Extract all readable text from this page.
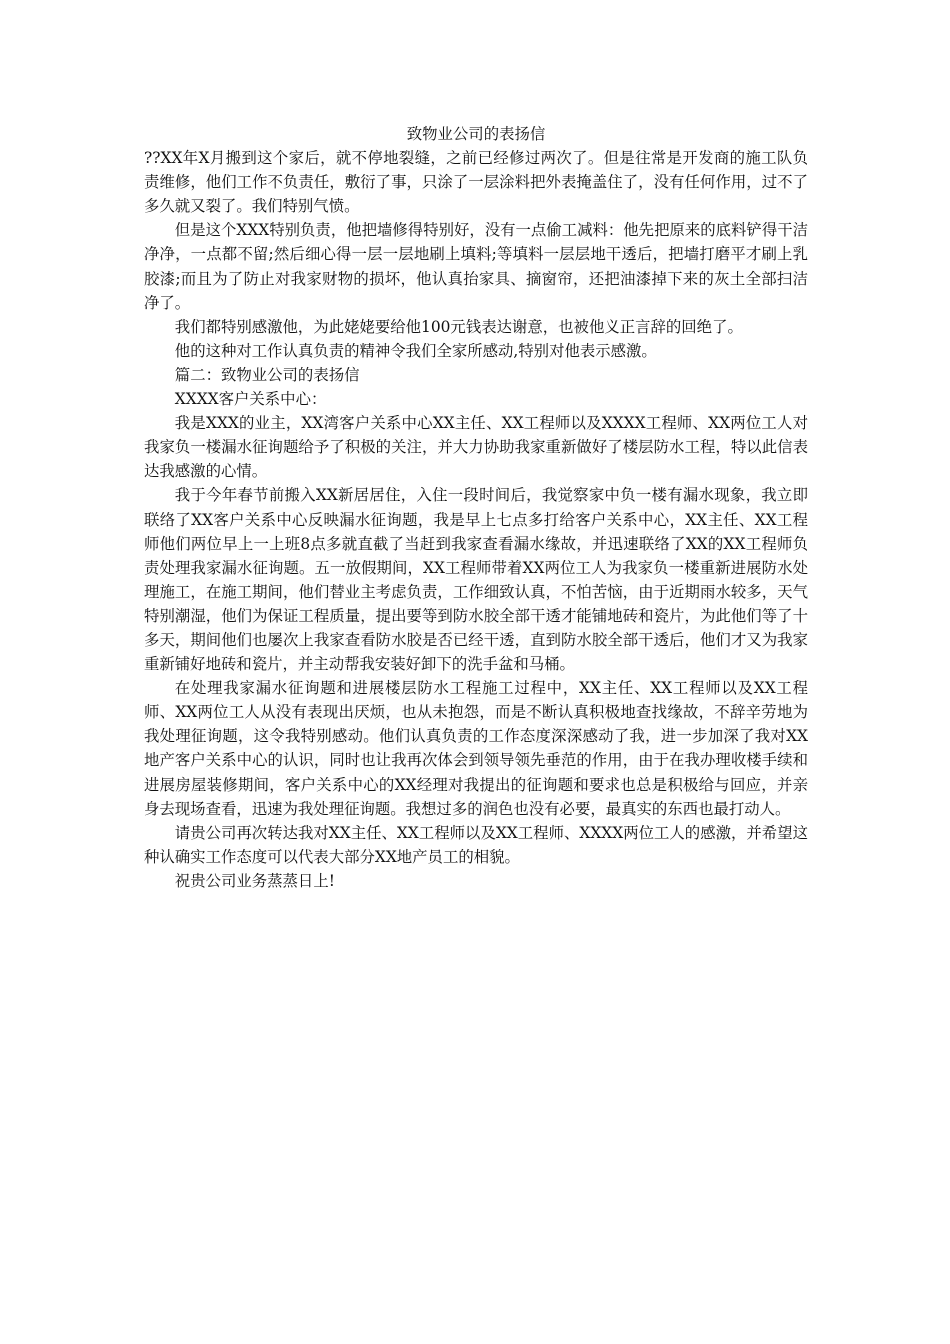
致物业公司的表扬信

??XX年X月搬到这个家后，就不停地裂缝，之前已经修过两次了。但是往常是开发商的施工队负责维修，他们工作不负责任，敷衍了事，只涂了一层涂料把外表掩盖住了，没有任何作用，过不了多久就又裂了。我们特别气愤。

但是这个XXX特别负责，他把墙修得特别好，没有一点偷工减料：他先把原来的底料铲得干洁净净，一点都不留;然后细心得一层一层地刷上填料;等填料一层层地干透后，把墙打磨平才刷上乳胶漆;而且为了防止对我家财物的损坏，他认真抬家具、摘窗帘，还把油漆掉下来的灰土全部扫洁净了。

我们都特别感激他，为此姥姥要给他100元钱表达谢意，也被他义正言辞的回绝了。

他的这种对工作认真负责的精神令我们全家所感动,特别对他表示感激。

篇二：致物业公司的表扬信

XXXX客户关系中心：

我是XXX的业主，XX湾客户关系中心XX主任、XX工程师以及XXXX工程师、XX两位工人对我家负一楼漏水征询题给予了积极的关注，并大力协助我家重新做好了楼层防水工程，特以此信表达我感激的心情。

我于今年春节前搬入XX新居居住，入住一段时间后，我觉察家中负一楼有漏水现象，我立即联络了XX客户关系中心反映漏水征询题，我是早上七点多打给客户关系中心，XX主任、XX工程师他们两位早上一上班8点多就直截了当赶到我家查看漏水缘故，并迅速联络了XX的XX工程师负责处理我家漏水征询题。五一放假期间，XX工程师带着XX两位工人为我家负一楼重新进展防水处理施工，在施工期间，他们替业主考虑负责，工作细致认真，不怕苦恼，由于近期雨水较多，天气特别潮湿，他们为保证工程质量，提出要等到防水胶全部干透才能铺地砖和瓷片，为此他们等了十多天，期间他们也屡次上我家查看防水胶是否已经干透，直到防水胶全部干透后，他们才又为我家重新铺好地砖和瓷片，并主动帮我安装好卸下的洗手盆和马桶。

在处理我家漏水征询题和进展楼层防水工程施工过程中，XX主任、XX工程师以及XX工程师、XX两位工人从没有表现出厌烦，也从未抱怨，而是不断认真积极地查找缘故，不辞辛劳地为我处理征询题，这令我特别感动。他们认真负责的工作态度深深感动了我，进一步加深了我对XX地产客户关系中心的认识，同时也让我再次体会到领导领先垂范的作用，由于在我办理收楼手续和进展房屋装修期间，客户关系中心的XX经理对我提出的征询题和要求也总是积极给与回应，并亲身去现场查看，迅速为我处理征询题。我想过多的润色也没有必要，最真实的东西也最打动人。

请贵公司再次转达我对XX主任、XX工程师以及XX工程师、XXXX两位工人的感激，并希望这种认确实工作态度可以代表大部分XX地产员工的相貌。

祝贵公司业务蒸蒸日上!
